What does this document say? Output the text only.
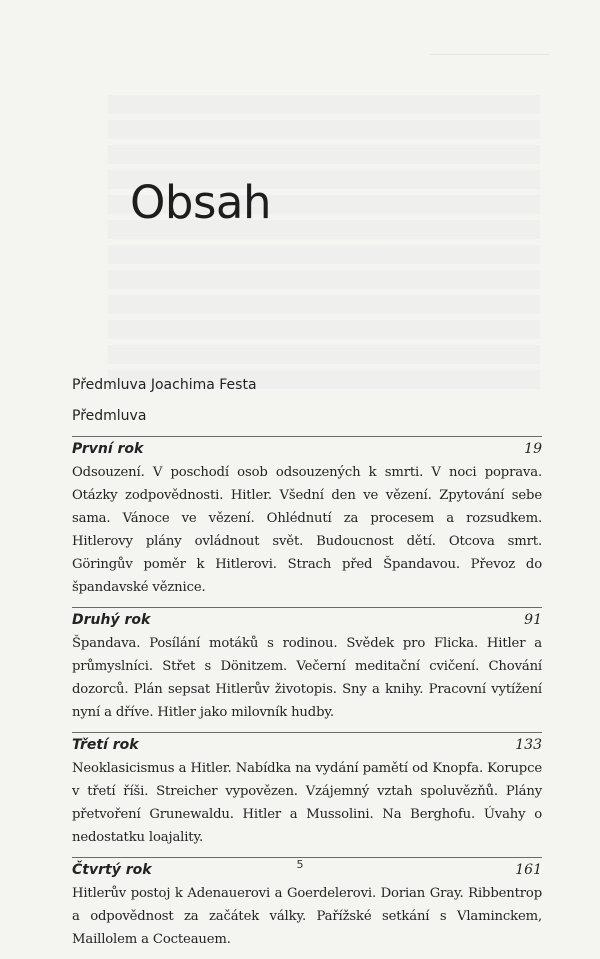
Obsah
Předmluva Joachima Festa
Předmluva
První rok	19
Odsouzení. V poschodí osob odsouzených k smrti. V noci poprava. Otázky zodpovědnosti. Hitler. Všední den ve vězení. Zpytování sebe sama. Vánoce ve vězení. Ohlédnutí za procesem a rozsudkem. Hitlerovy plány ovládnout svět. Budoucnost dětí. Otcova smrt. Göringův poměr k Hitlerovi. Strach před Špandavou. Převoz do špandavské věznice.
Druhý rok	91
Špandava. Posílání motáků s rodinou. Svědek pro Flicka. Hitler a průmyslníci. Střet s Dönitzem. Večerní meditační cvičení. Chování dozorců. Plán sepsat Hitlerův životopis. Sny a knihy. Pracovní vytížení nyní a dříve. Hitler jako milovník hudby.
Třetí rok	133
Neoklasicismus a Hitler. Nabídka na vydání pamětí od Knopfa. Korupce v třetí říši. Streicher vypovězen. Vzájemný vztah spoluvězňů. Plány přetvoření Grunewaldu. Hitler a Mussolini. Na Berghofu. Úvahy o nedostatku loajality.
Čtvrtý rok	161
Hitlerův postoj k Adenauerovi a Goerdelerovi. Dorian Gray. Ribbentrop a odpovědnost za začátek války. Pařížské setkání s Vlaminckem, Maillolem a Cocteauem.
5
